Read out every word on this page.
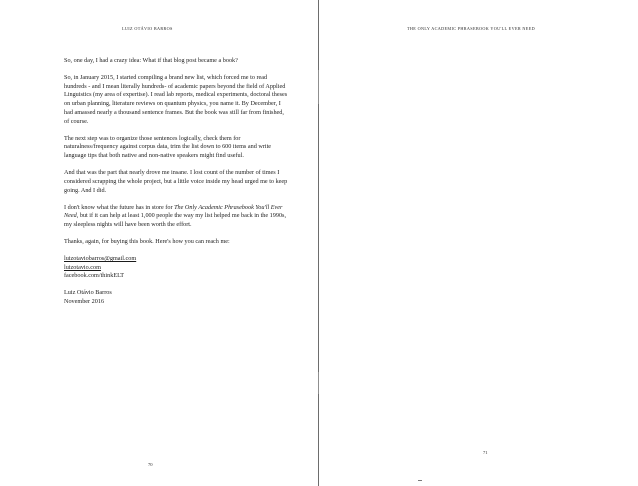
LUIZ OTÁVIO BARROS

So, one day, I had a crazy idea: What if that blog post became a book?

So, in January 2015, I started compiling a brand new list, which forced me to read hundreds - and I mean literally hundreds- of academic papers beyond the field of Applied Linguistics (my area of expertise). I read lab reports, medical experiments, doctoral theses on urban planning, literature reviews on quantum physics, you name it. By December, I had amassed nearly a thousand sentence frames. But the book was still far from finished, of course.

The next step was to organize those sentences logically, check them for naturalness/frequency against corpus data, trim the list down to 600 items and write language tips that both native and non-native speakers might find useful.

And that was the part that nearly drove me insane. I lost count of the number of times I considered scrapping the whole project, but a little voice inside my head urged me to keep going. And I did.

I don't know what the future has in store for The Only Academic Phrasebook You'll Ever Need, but if it can help at least 1,000 people the way my list helped me back in the 1990s, my sleepless nights will have been worth the effort.

Thanks, again, for buying this book. Here's how you can reach me:

luizotaviobarros@gmail.com
luizotavio.com
facebook.com/thinkELT
Luiz Otávio Barros
November 2016
70
THE ONLY ACADEMIC PHRASEBOOK YOU'LL EVER NEED
71
